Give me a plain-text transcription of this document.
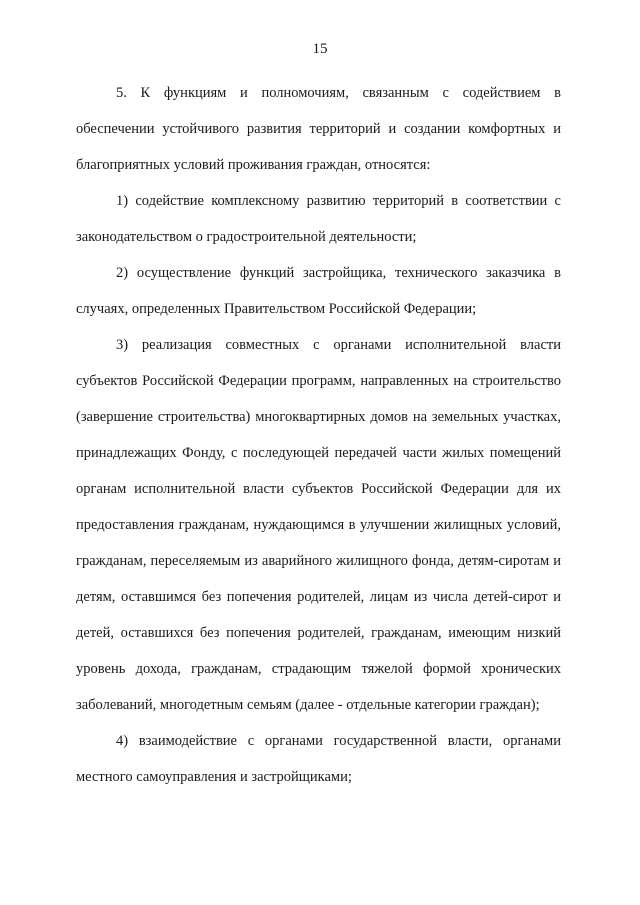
15

5. К функциям и полномочиям, связанным с содействием в обеспечении устойчивого развития территорий и создании комфортных и благоприятных условий проживания граждан, относятся:

1) содействие комплексному развитию территорий в соответствии с законодательством о градостроительной деятельности;

2) осуществление функций застройщика, технического заказчика в случаях, определенных Правительством Российской Федерации;

3) реализация совместных с органами исполнительной власти субъектов Российской Федерации программ, направленных на строительство (завершение строительства) многоквартирных домов на земельных участках, принадлежащих Фонду, с последующей передачей части жилых помещений органам исполнительной власти субъектов Российской Федерации для их предоставления гражданам, нуждающимся в улучшении жилищных условий, гражданам, переселяемым из аварийного жилищного фонда, детям-сиротам и детям, оставшимся без попечения родителей, лицам из числа детей-сирот и детей, оставшихся без попечения родителей, гражданам, имеющим низкий уровень дохода, гражданам, страдающим тяжелой формой хронических заболеваний, многодетным семьям (далее - отдельные категории граждан);

4) взаимодействие с органами государственной власти, органами местного самоуправления и застройщиками;
